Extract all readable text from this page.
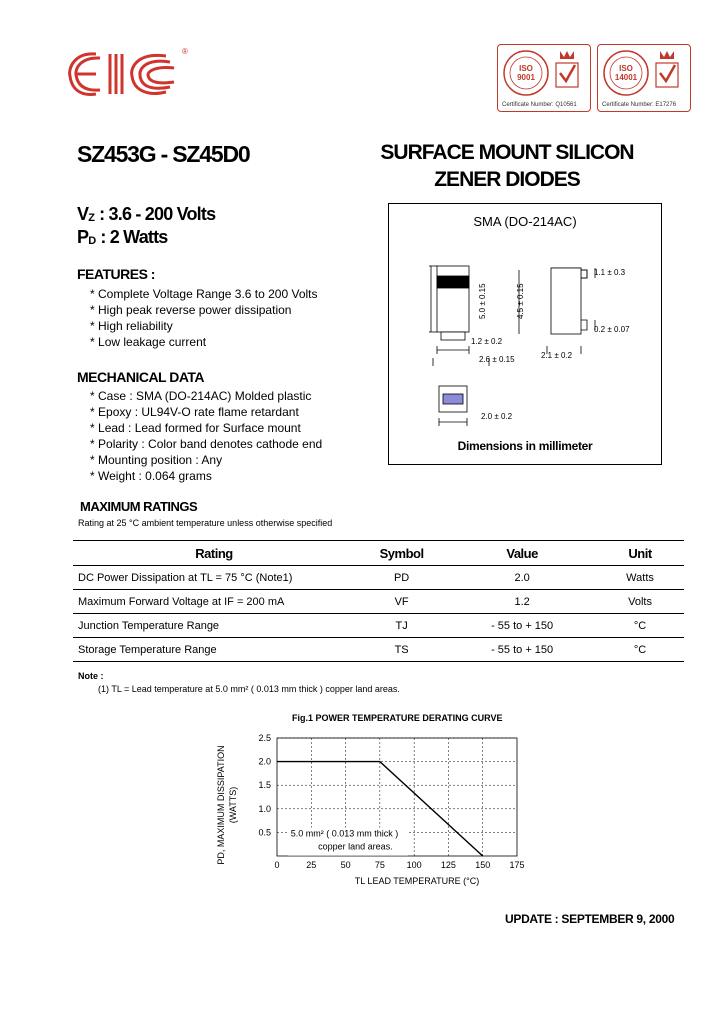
®
ISO
9001
Certificate Number: Q10561
ISO
14001
Certificate Number: E17276
SZ453G - SZ45D0	SURFACE MOUNT SILICON
ZENER DIODES
$V_Z$ : 3.6 - 200 Volts
$P_D$ : 2 Watts
FEATURES :
* Complete Voltage Range 3.6 to 200 Volts
* High peak reverse power dissipation
* High reliability
* Low leakage current
MECHANICAL DATA
* Case : SMA (DO-214AC) Molded plastic
* Epoxy : UL94V-O rate flame retardant
* Lead : Lead formed for Surface mount
* Polarity : Color band denotes cathode end
* Mounting position : Any
* Weight : 0.064 grams
SMA (DO-214AC)
5.0 ± 0.15	4.5 ± 0.15
1.2 ± 0.2
2.6 ± 0.15	2.1 ± 0.2
1.1 ± 0.3
0.2 ± 0.07
2.0 ± 0.2
Dimensions in millimeter
MAXIMUM RATINGS
Rating at 25 °C ambient temperature unless otherwise specified
Rating	Symbol	Value	Unit
DC Power Dissipation at TL = 75 °C (Note1)	PD	2.0	Watts
Maximum Forward Voltage at IF = 200 mA	VF	1.2	Volts
Junction Temperature Range	TJ	- 55 to + 150	°C
Storage Temperature Range	TS	- 55 to + 150	°C
Note :
(1) TL = Lead temperature at 5.0 mm² ( 0.013 mm thick ) copper land areas.
Fig.1 POWER TEMPERATURE DERATING CURVE
0	25	50	75 100 125 150 175
0.5
1.0
1.5
2.0
2.5
TL LEAD TEMPERATURE (°C)
PD, MAXIMUM DISSIPATION (WATTS)
5.0 mm² ( 0.013 mm thick )
copper land areas.
UPDATE : SEPTEMBER 9, 2000
